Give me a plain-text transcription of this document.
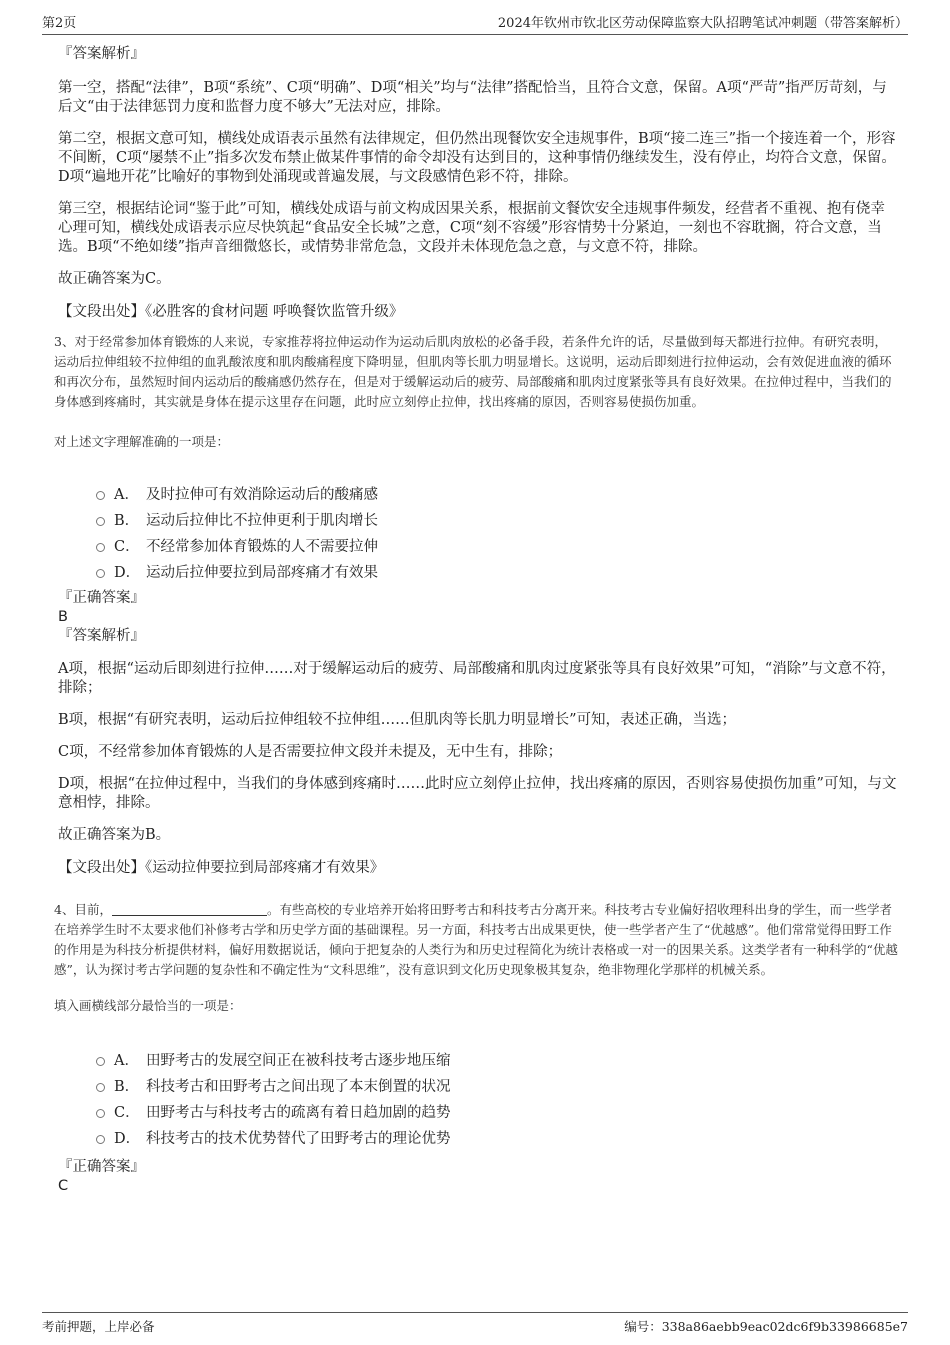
第2页	2024年钦州市钦北区劳动保障监察大队招聘笔试冲刺题（带答案解析）
『答案解析』

第一空，搭配“法律”，B项“系统”、C项“明确”、D项“相关”均与“法律”搭配恰当，且符合文意，保留。A项“严苛”指严厉苛刻，与后文“由于法律惩罚力度和监督力度不够大”无法对应，排除。

第二空，根据文意可知，横线处成语表示虽然有法律规定，但仍然出现餐饮安全违规事件，B项“接二连三”指一个接连着一个，形容不间断，C项“屡禁不止”指多次发布禁止做某件事情的命令却没有达到目的，这种事情仍继续发生，没有停止，均符合文意，保留。D项“遍地开花”比喻好的事物到处涌现或普遍发展，与文段感情色彩不符，排除。

第三空，根据结论词“鉴于此”可知，横线处成语与前文构成因果关系，根据前文餐饮安全违规事件频发，经营者不重视、抱有侥幸心理可知，横线处成语表示应尽快筑起“食品安全长城”之意，C项“刻不容缓”形容情势十分紧迫，一刻也不容耽搁，符合文意，当选。B项“不绝如缕”指声音细微悠长，或情势非常危急，文段并未体现危急之意，与文意不符，排除。

故正确答案为C。

【文段出处】《必胜客的食材问题 呼唤餐饮监管升级》

3、对于经常参加体育锻炼的人来说，专家推荐将拉伸运动作为运动后肌肉放松的必备手段，若条件允许的话，尽量做到每天都进行拉伸。有研究表明，运动后拉伸组较不拉伸组的血乳酸浓度和肌肉酸痛程度下降明显，但肌肉等长肌力明显增长。这说明，运动后即刻进行拉伸运动，会有效促进血液的循环和再次分布，虽然短时间内运动后的酸痛感仍然存在，但是对于缓解运动后的疲劳、局部酸痛和肌肉过度紧张等具有良好效果。在拉伸过程中，当我们的身体感到疼痛时，其实就是身体在提示这里存在问题，此时应立刻停止拉伸，找出疼痛的原因，否则容易使损伤加重。

对上述文字理解准确的一项是：

A． 及时拉伸可有效消除运动后的酸痛感
B． 运动后拉伸比不拉伸更利于肌肉增长
C． 不经常参加体育锻炼的人不需要拉伸
D． 运动后拉伸要拉到局部疼痛才有效果
『正确答案』
B
『答案解析』

A项，根据“运动后即刻进行拉伸……对于缓解运动后的疲劳、局部酸痛和肌肉过度紧张等具有良好效果”可知，“消除”与文意不符，排除；

B项，根据“有研究表明，运动后拉伸组较不拉伸组……但肌肉等长肌力明显增长”可知，表述正确，当选；

C项，不经常参加体育锻炼的人是否需要拉伸文段并未提及，无中生有，排除；

D项，根据“在拉伸过程中，当我们的身体感到疼痛时……此时应立刻停止拉伸，找出疼痛的原因，否则容易使损伤加重”可知，与文意相悖，排除。

故正确答案为B。

【文段出处】《运动拉伸要拉到局部疼痛才有效果》

4、目前，	。有些高校的专业培养开始将田野考古和科技考古分离开来。科技考古专业偏好招收理科出身的学生，而一些学者在培养学生时不太要求他们补修考古学和历史学方面的基础课程。另一方面，科技考古出成果更快，使一些学者产生了“优越感”。他们常常觉得田野工作的作用是为科技分析提供材料，偏好用数据说话，倾向于把复杂的人类行为和历史过程简化为统计表格或一对一的因果关系。这类学者有一种科学的“优越感”，认为探讨考古学问题的复杂性和不确定性为“文科思维”，没有意识到文化历史现象极其复杂，绝非物理化学那样的机械关系。

填入画横线部分最恰当的一项是：

A． 田野考古的发展空间正在被科技考古逐步地压缩
B． 科技考古和田野考古之间出现了本末倒置的状况
C． 田野考古与科技考古的疏离有着日趋加剧的趋势
D． 科技考古的技术优势替代了田野考古的理论优势
『正确答案』
C
考前押题，上岸必备	编号：338a86aebb9eac02dc6f9b33986685e7
